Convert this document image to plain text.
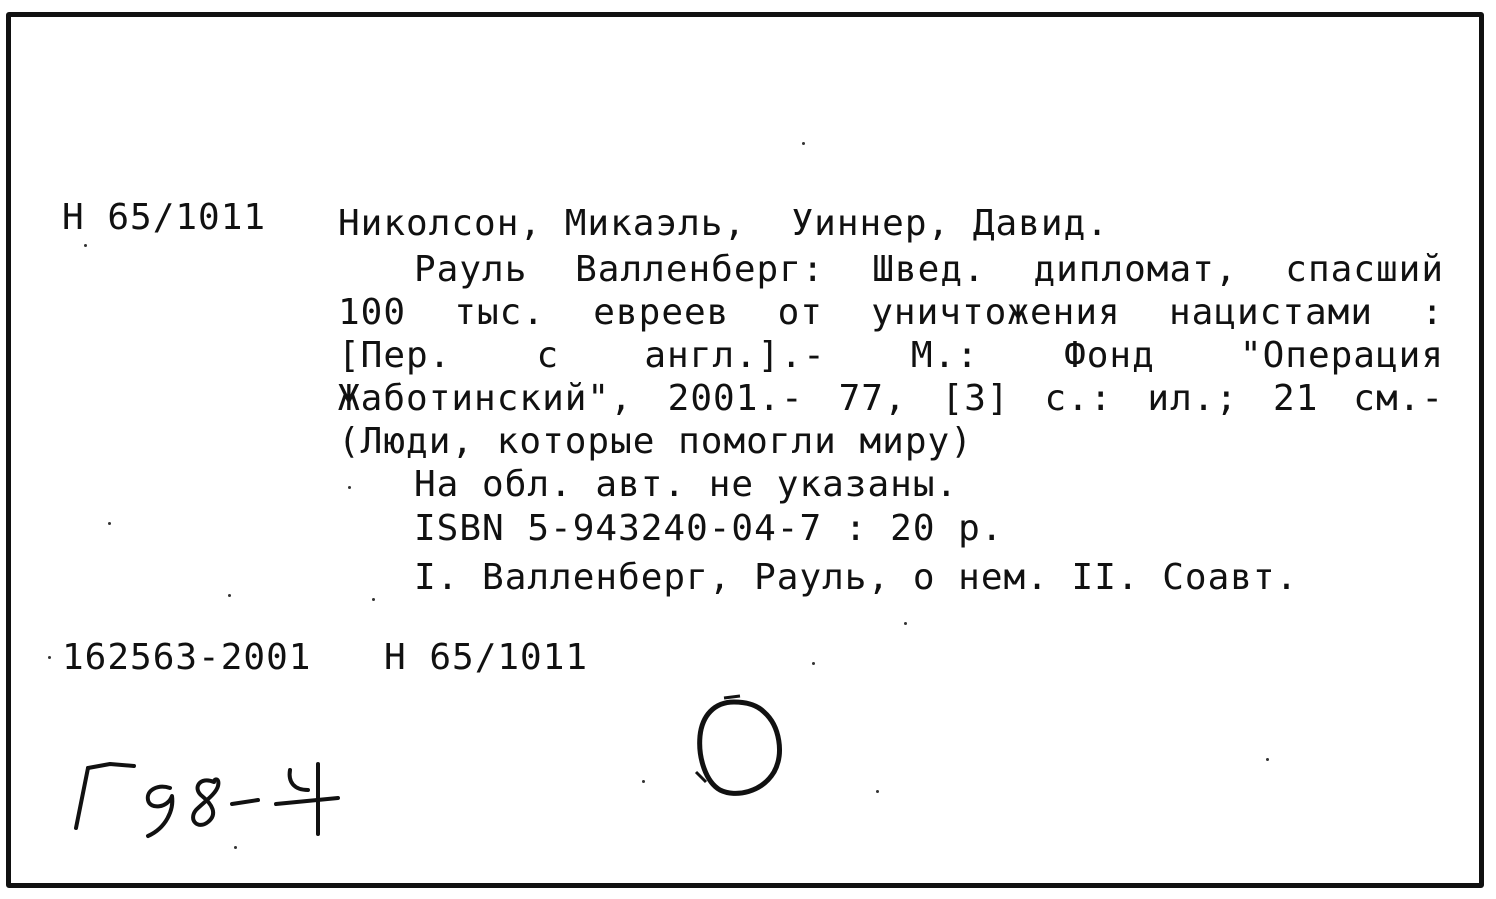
Н 65/1011 Николсон, Микаэль,  Уиннер, Давид.
Рауль Валленберг: Швед. дипломат, спасший
100 тыс. евреев от уничтожения нацистами :
[Пер. с англ.].- М.: Фонд "Операция
Жаботинский", 2001.- 77, [3] с.: ил.; 21 см.-
(Люди, которые помогли миру)
На обл. авт. не указаны.
ISBN 5-943240-04-7 : 20 р.
I. Валленберг, Рауль, о нем. II. Соавт.
162563-2001 Н 65/1011
